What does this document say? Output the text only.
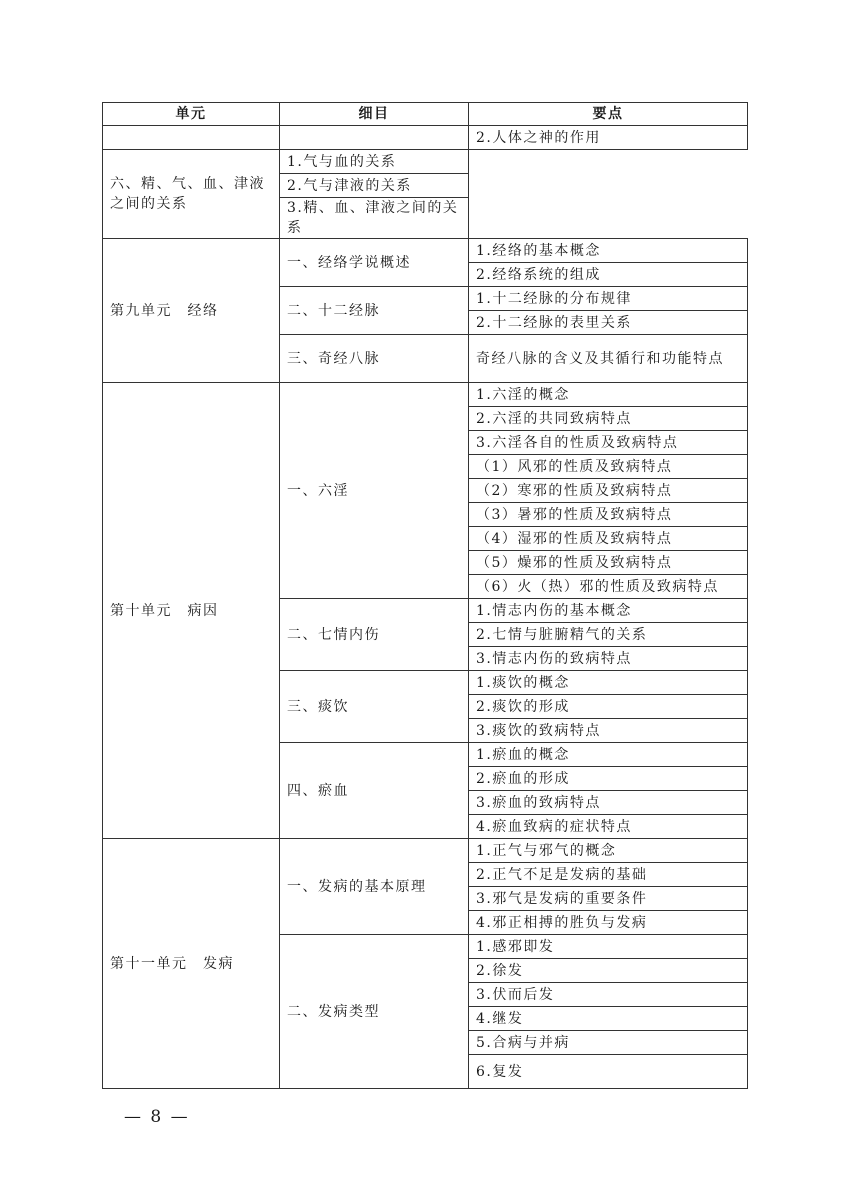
单元	细目	要点
		2.人体之神的作用
六、精、气、血、津液之间的关系	1.气与血的关系	
	2.气与津液的关系	
	3.精、血、津液之间的关系	
第九单元　经络	一、经络学说概述	1.经络的基本概念
		2.经络系统的组成
	二、十二经脉	1.十二经脉的分布规律
		2.十二经脉的表里关系
	三、奇经八脉	奇经八脉的含义及其循行和功能特点
第十单元　病因	一、六淫	1.六淫的概念
		2.六淫的共同致病特点
		3.六淫各自的性质及致病特点
		（1）风邪的性质及致病特点
		（2）寒邪的性质及致病特点
		（3）暑邪的性质及致病特点
		（4）湿邪的性质及致病特点
		（5）燥邪的性质及致病特点
		（6）火（热）邪的性质及致病特点
	二、七情内伤	1.情志内伤的基本概念
		2.七情与脏腑精气的关系
		3.情志内伤的致病特点
	三、痰饮	1.痰饮的概念
		2.痰饮的形成
		3.痰饮的致病特点
	四、瘀血	1.瘀血的概念
		2.瘀血的形成
		3.瘀血的致病特点
		4.瘀血致病的症状特点
第十一单元　发病	一、发病的基本原理	1.正气与邪气的概念
		2.正气不足是发病的基础
		3.邪气是发病的重要条件
		4.邪正相搏的胜负与发病
	二、发病类型	1.感邪即发
		2.徐发
		3.伏而后发
		4.继发
		5.合病与并病
		6.复发
— 8 —
